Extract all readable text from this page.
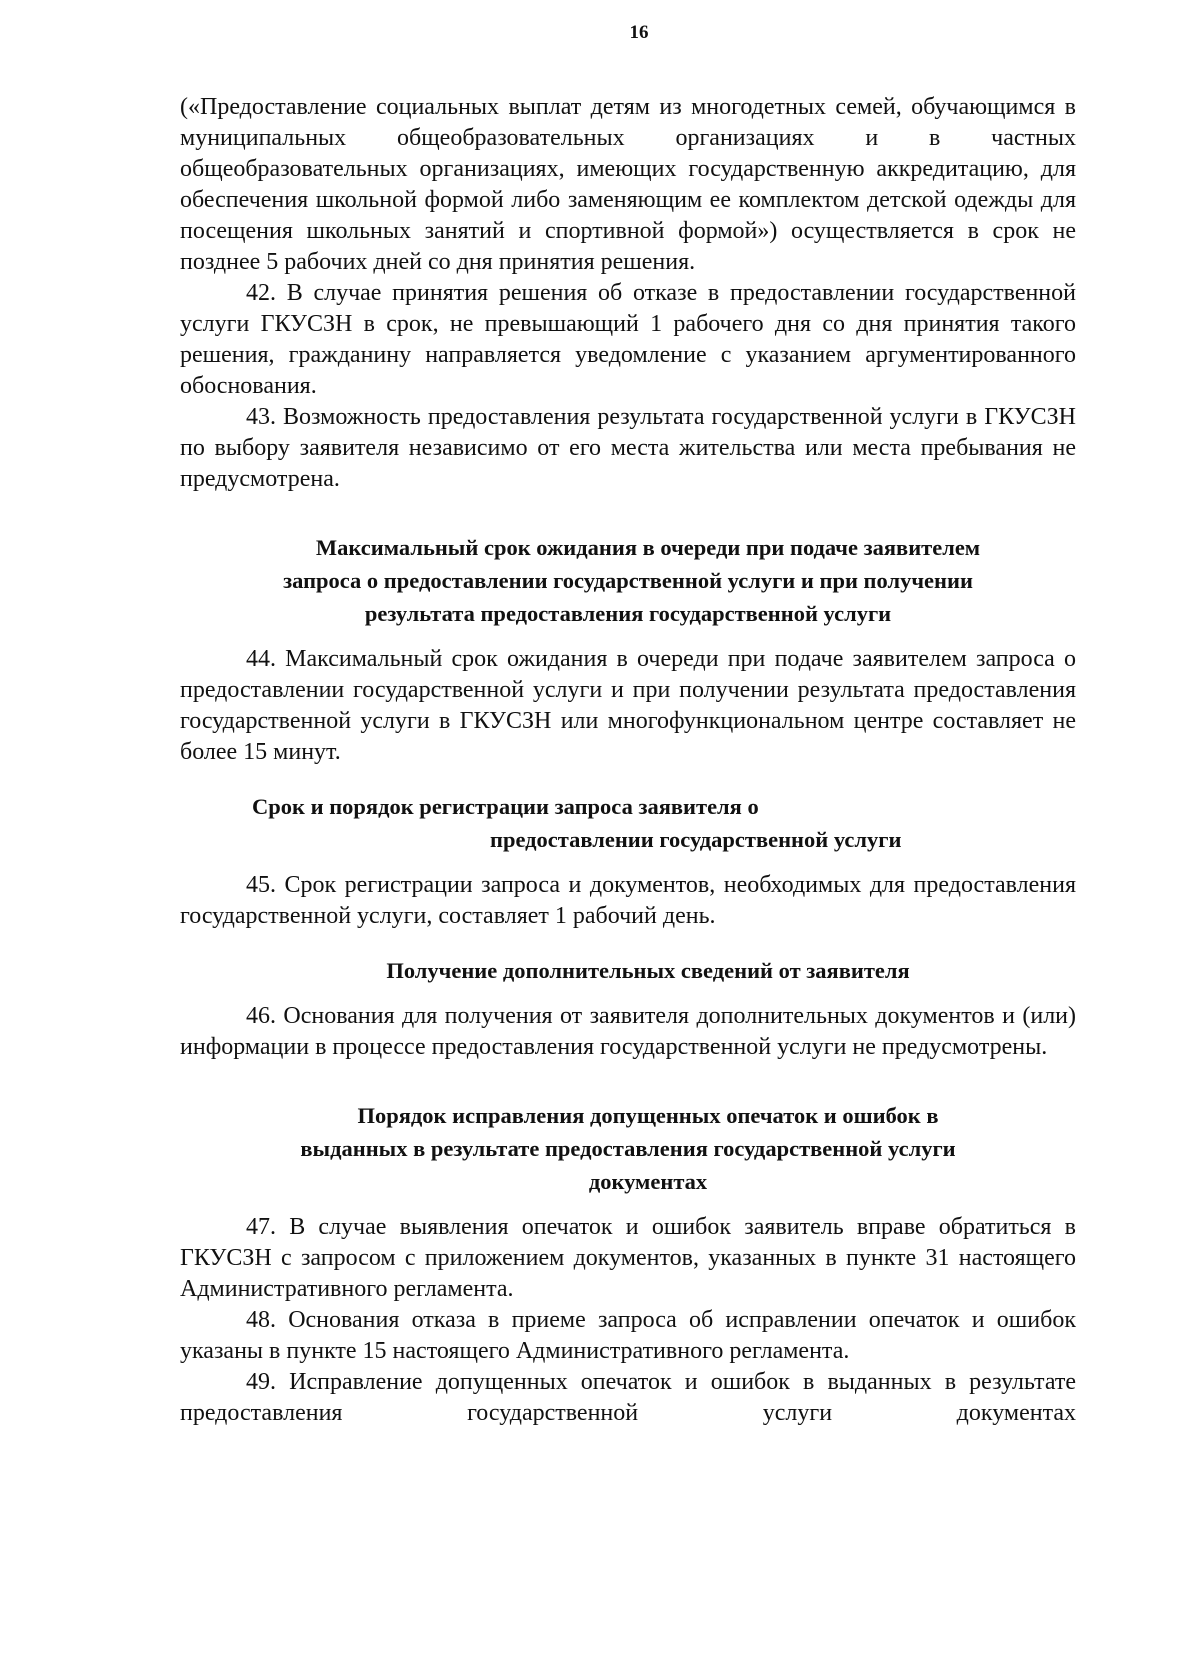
16

(«Предоставление социальных выплат детям из многодетных семей, обучающимся в муниципальных общеобразовательных организациях и в частных общеобразовательных организациях, имеющих государственную аккредитацию, для обеспечения школьной формой либо заменяющим ее комплектом детской одежды для посещения школьных занятий и спортивной формой») осуществляется в срок не позднее 5 рабочих дней со дня принятия решения.

42. В случае принятия решения об отказе в предоставлении государственной услуги ГКУСЗН в срок, не превышающий 1 рабочего дня со дня принятия такого решения, гражданину направляется уведомление с указанием аргументированного обоснования.

43. Возможность предоставления результата государственной услуги в ГКУСЗН по выбору заявителя независимо от его места жительства или места пребывания не предусмотрена.

Максимальный срок ожидания в очереди при подаче заявителем

запроса о предоставлении государственной услуги и при получении

результата предоставления государственной услуги

44. Максимальный срок ожидания в очереди при подаче заявителем запроса о предоставлении государственной услуги и при получении результата предоставления государственной услуги в ГКУСЗН или многофункциональном центре составляет не более 15 минут.

Срок и порядок регистрации запроса заявителя о

предоставлении государственной услуги

45. Срок регистрации запроса и документов, необходимых для предоставления государственной услуги, составляет 1 рабочий день.

Получение дополнительных сведений от заявителя

46. Основания для получения от заявителя дополнительных документов и (или) информации в процессе предоставления государственной услуги не предусмотрены.

Порядок исправления допущенных опечаток и ошибок в

выданных в результате предоставления государственной услуги

документах

47. В случае выявления опечаток и ошибок заявитель вправе обратиться в ГКУСЗН с запросом с приложением документов, указанных в пункте 31 настоящего Административного регламента.

48. Основания отказа в приеме запроса об исправлении опечаток и ошибок указаны в пункте 15 настоящего Административного регламента.

49. Исправление допущенных опечаток и ошибок в выданных в результате предоставления государственной услуги документах
